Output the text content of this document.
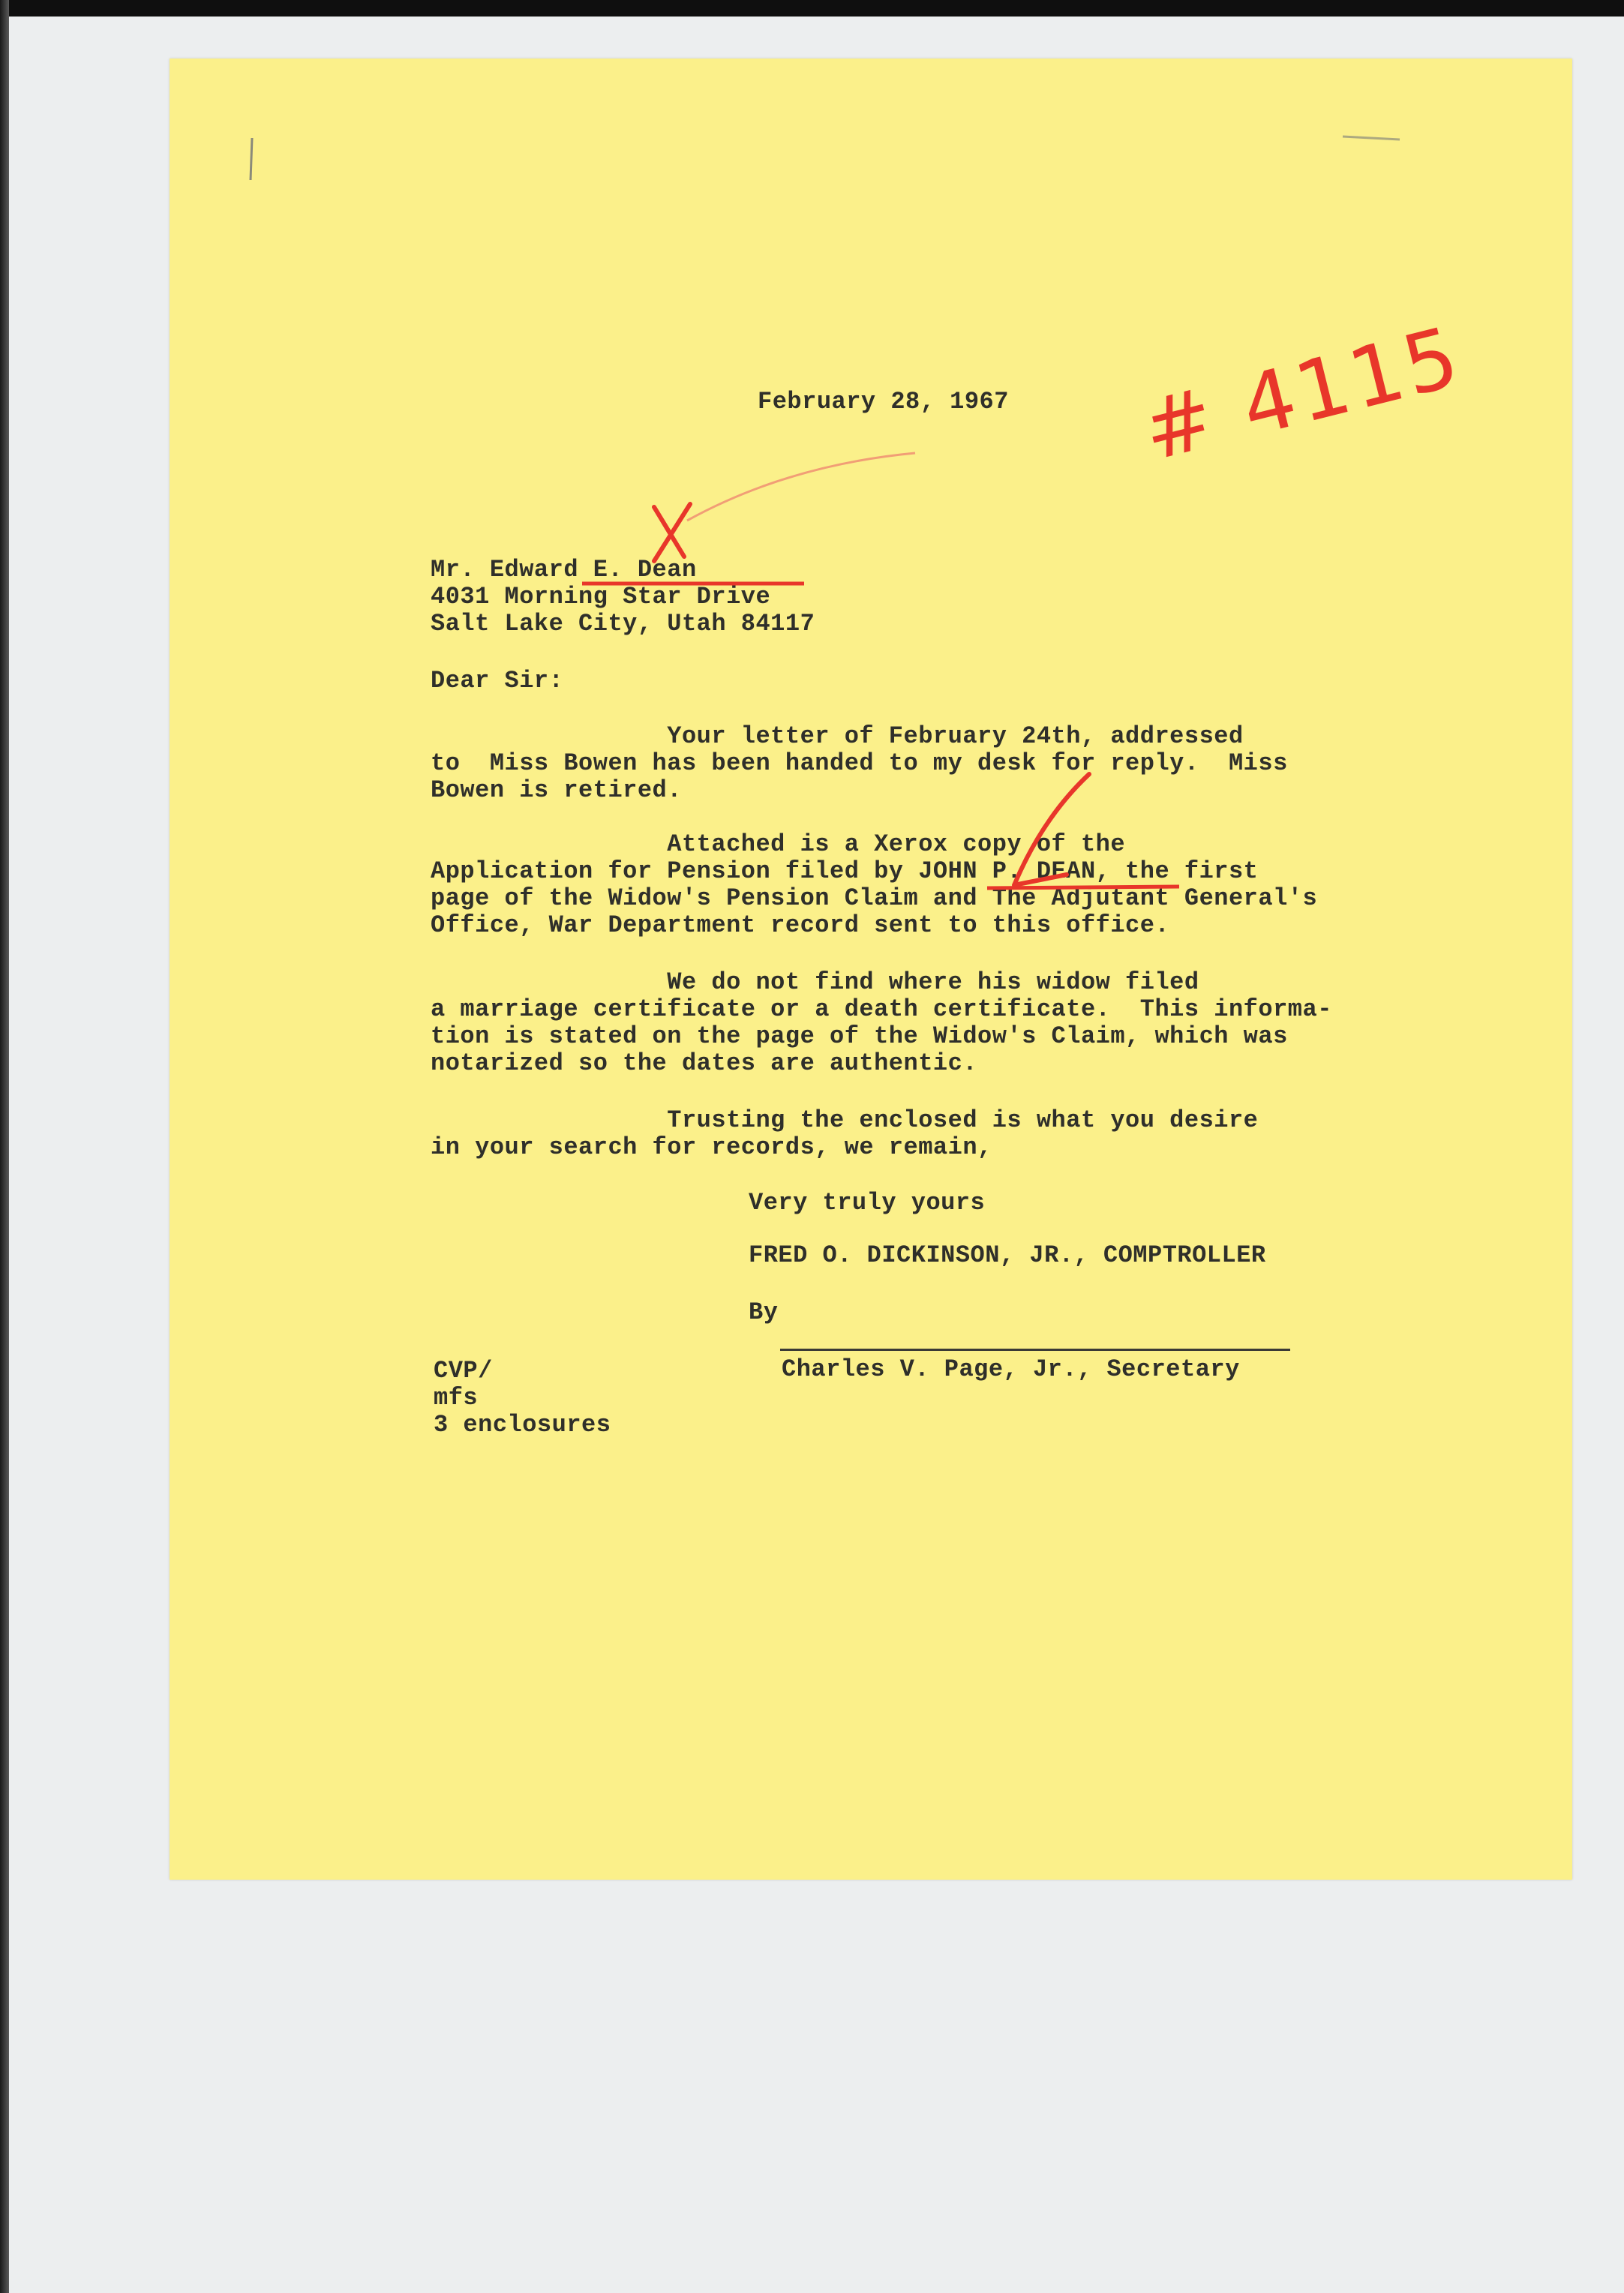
# 4115
February 28, 1967
Mr. Edward E. Dean
4031 Morning Star Drive
Salt Lake City, Utah 84117
Dear Sir:
Your letter of February 24th, addressed
to  Miss Bowen has been handed to my desk for reply.  Miss
Bowen is retired.
Attached is a Xerox copy of the
Application for Pension filed by JOHN P. DEAN, the first
page of the Widow's Pension Claim and The Adjutant General's
Office, War Department record sent to this office.
We do not find where his widow filed
a marriage certificate or a death certificate.  This informa-
tion is stated on the page of the Widow's Claim, which was
notarized so the dates are authentic.
Trusting the enclosed is what you desire
in your search for records, we remain,
Very truly yours
FRED O. DICKINSON, JR., COMPTROLLER
By
Charles V. Page, Jr., Secretary
CVP/
mfs
3 enclosures
